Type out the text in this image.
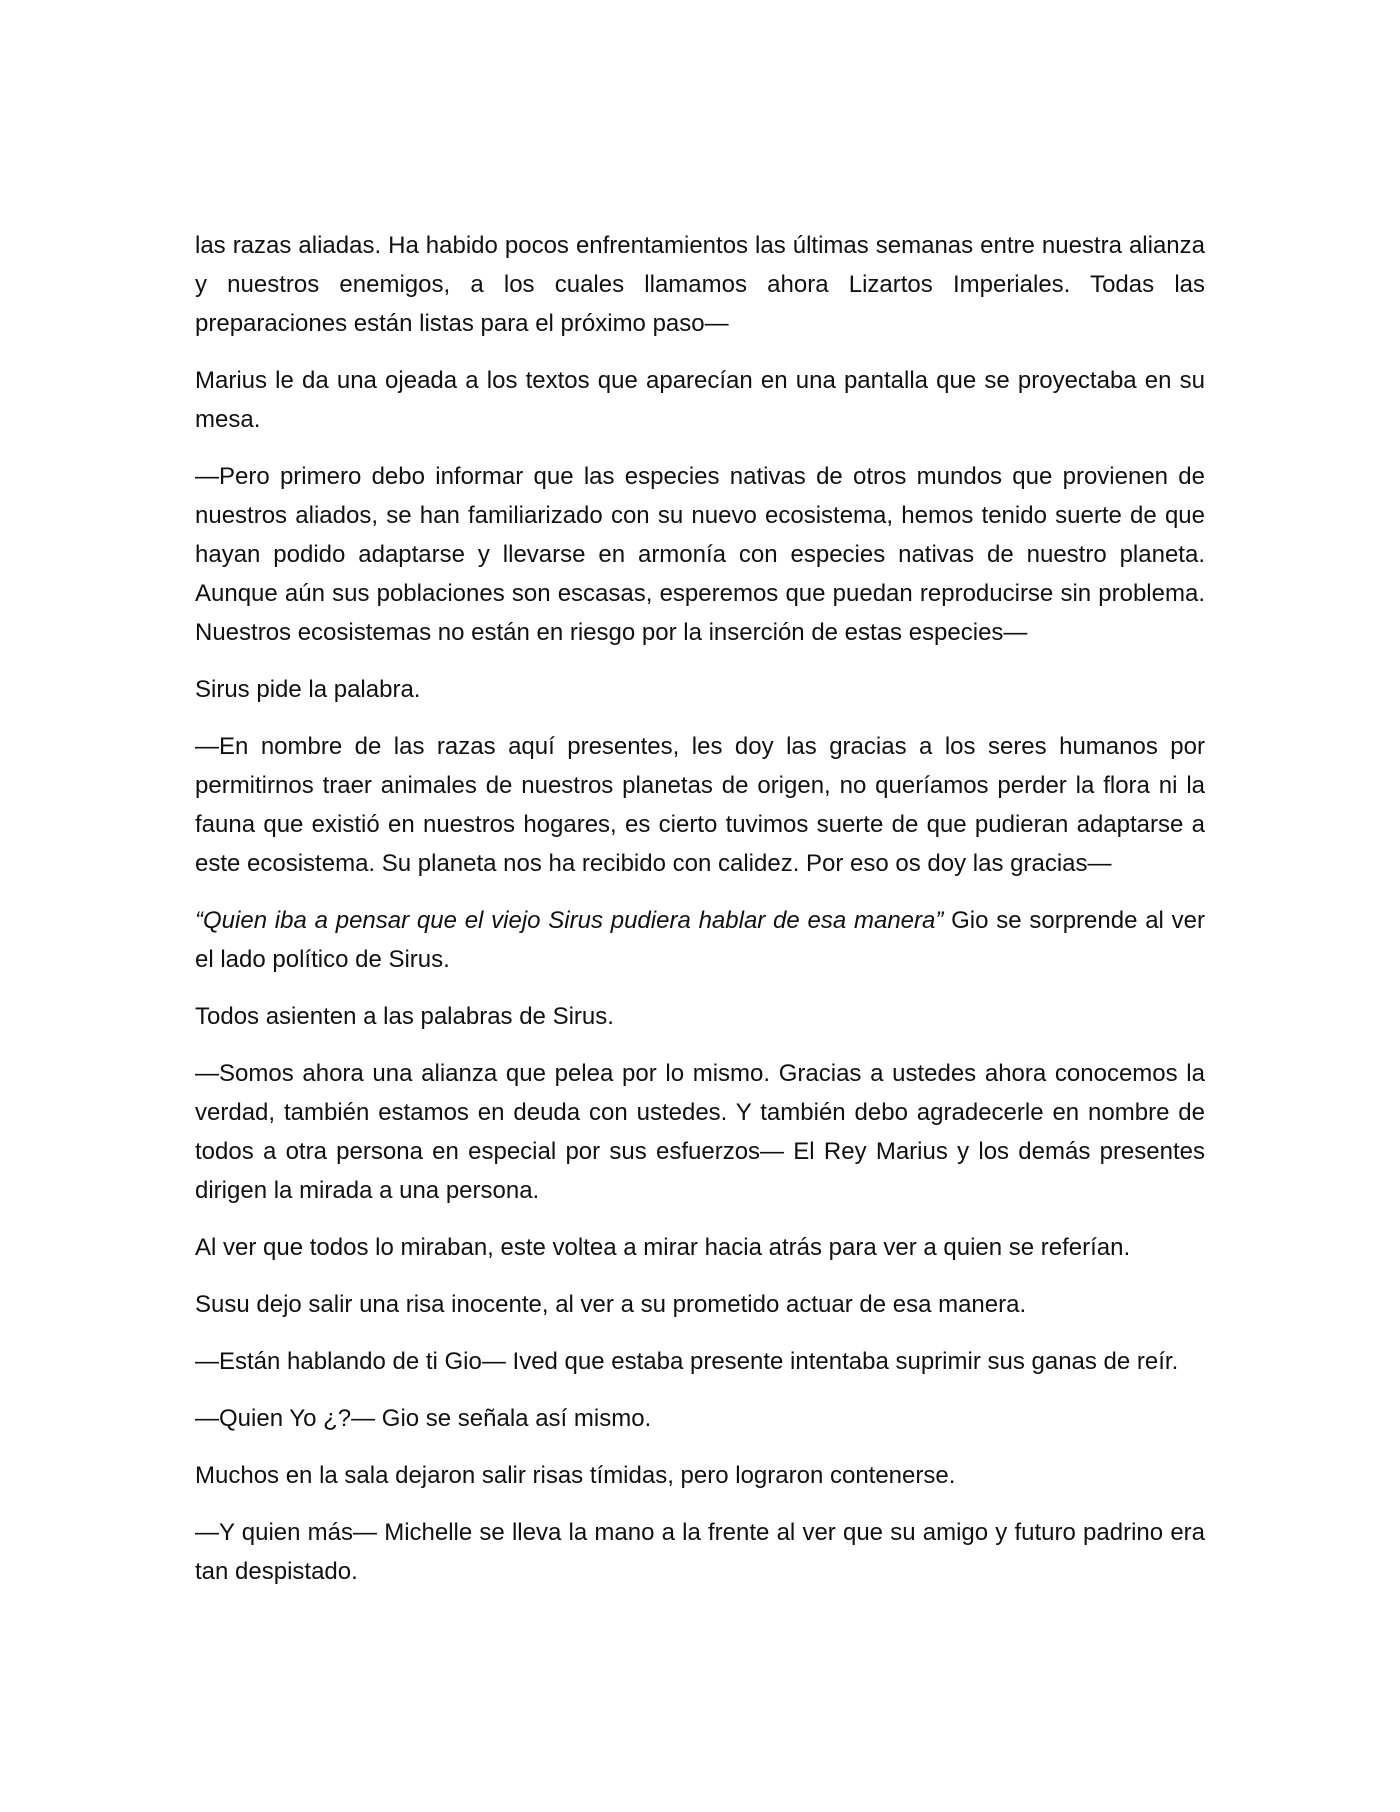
las razas aliadas. Ha habido pocos enfrentamientos las últimas semanas entre nuestra alianza y nuestros enemigos, a los cuales llamamos ahora Lizartos Imperiales. Todas las preparaciones están listas para el próximo paso—

Marius le da una ojeada a los textos que aparecían en una pantalla que se proyectaba en su mesa.

—Pero primero debo informar que las especies nativas de otros mundos que provienen de nuestros aliados, se han familiarizado con su nuevo ecosistema, hemos tenido suerte de que hayan podido adaptarse y llevarse en armonía con especies nativas de nuestro planeta. Aunque aún sus poblaciones son escasas, esperemos que puedan reproducirse sin problema. Nuestros ecosistemas no están en riesgo por la inserción de estas especies—

Sirus pide la palabra.

—En nombre de las razas aquí presentes, les doy las gracias a los seres humanos por permitirnos traer animales de nuestros planetas de origen, no queríamos perder la flora ni la fauna que existió en nuestros hogares, es cierto tuvimos suerte de que pudieran adaptarse a este ecosistema. Su planeta nos ha recibido con calidez. Por eso os doy las gracias—

“Quien iba a pensar que el viejo Sirus pudiera hablar de esa manera” Gio se sorprende al ver el lado político de Sirus.

Todos asienten a las palabras de Sirus.

—Somos ahora una alianza que pelea por lo mismo. Gracias a ustedes ahora conocemos la verdad, también estamos en deuda con ustedes. Y también debo agradecerle en nombre de todos a otra persona en especial por sus esfuerzos— El Rey Marius y los demás presentes dirigen la mirada a una persona.

Al ver que todos lo miraban, este voltea a mirar hacia atrás para ver a quien se referían.

Susu dejo salir una risa inocente, al ver a su prometido actuar de esa manera.

—Están hablando de ti Gio— Ived que estaba presente intentaba suprimir sus ganas de reír.

—Quien Yo ¿?— Gio se señala así mismo.

Muchos en la sala dejaron salir risas tímidas, pero lograron contenerse.

—Y quien más— Michelle se lleva la mano a la frente al ver que su amigo y futuro padrino era tan despistado.
